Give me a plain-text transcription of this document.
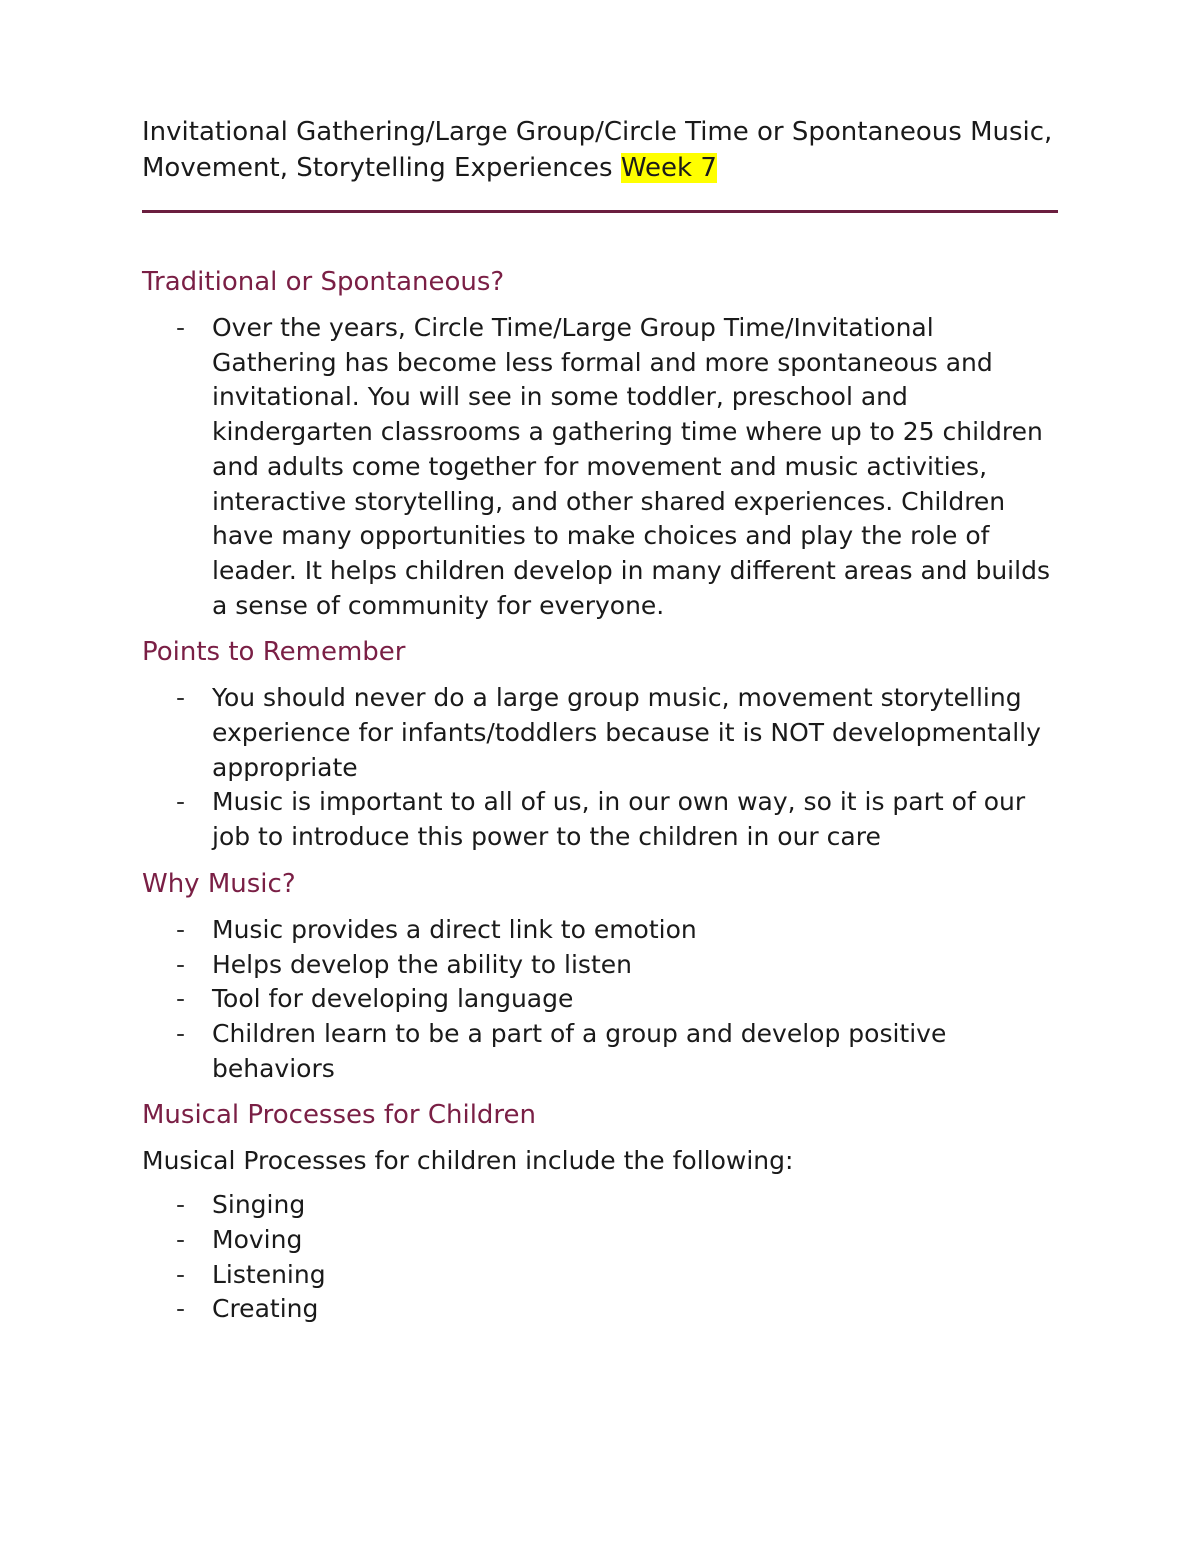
Invitational Gathering/Large Group/Circle Time or Spontaneous Music, Movement, Storytelling Experiences Week 7
Traditional or Spontaneous?
- Over the years, Circle Time/Large Group Time/Invitational Gathering has become less formal and more spontaneous and invitational. You will see in some toddler, preschool and kindergarten classrooms a gathering time where up to 25 children and adults come together for movement and music activities, interactive storytelling, and other shared experiences. Children have many opportunities to make choices and play the role of leader. It helps children develop in many different areas and builds a sense of community for everyone.
Points to Remember
- You should never do a large group music, movement storytelling experience for infants/toddlers because it is NOT developmentally appropriate
- Music is important to all of us, in our own way, so it is part of our job to introduce this power to the children in our care
Why Music?
- Music provides a direct link to emotion
- Helps develop the ability to listen
- Tool for developing language
- Children learn to be a part of a group and develop positive behaviors
Musical Processes for Children

Musical Processes for children include the following:

- Singing
- Moving
- Listening
- Creating
